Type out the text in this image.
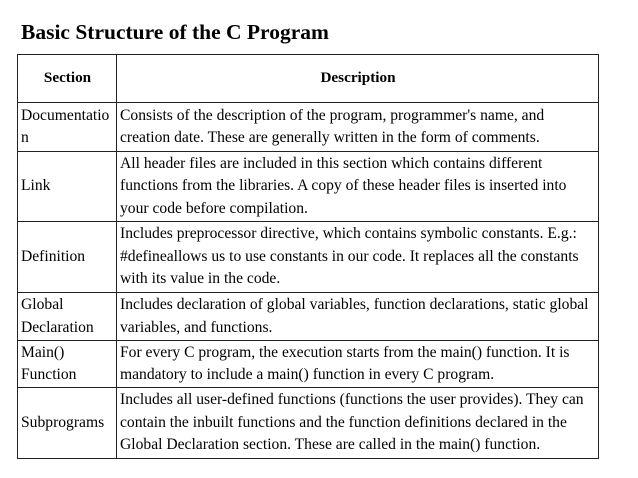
Basic Structure of the C Program
Section	Description
Documentation	Consists of the description of the program, programmer's name, and creation date. These are generally written in the form of comments.
Link	All header files are included in this section which contains different functions from the libraries. A copy of these header files is inserted into your code before compilation.
Definition	Includes preprocessor directive, which contains symbolic constants. E.g.: #defineallows us to use constants in our code. It replaces all the constants with its value in the code.
Global Declaration	Includes declaration of global variables, function declarations, static global variables, and functions.
Main() Function	For every C program, the execution starts from the main() function. It is mandatory to include a main() function in every C program.
Subprograms	Includes all user-defined functions (functions the user provides). They can contain the inbuilt functions and the function definitions declared in the Global Declaration section. These are called in the main() function.
